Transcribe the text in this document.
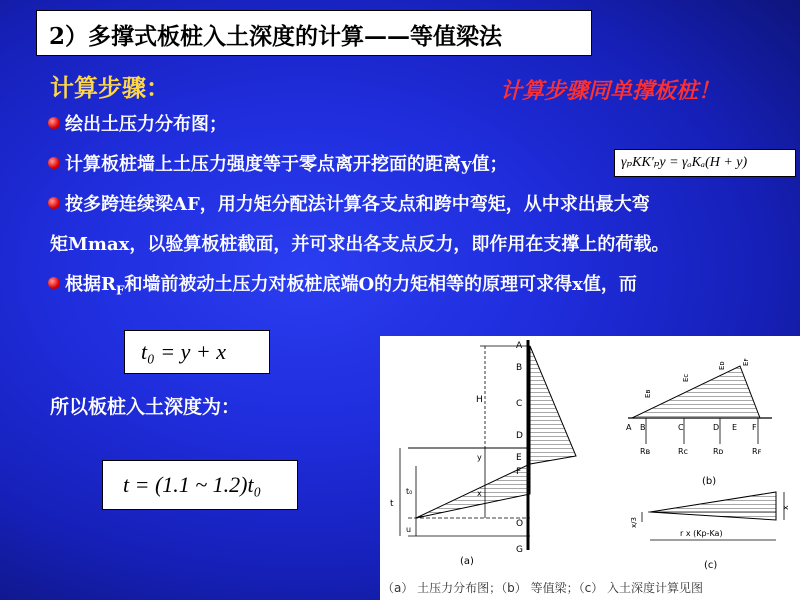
2）多撑式板桩入土深度的计算——等值梁法
计算步骤：	计算步骤同单撑板桩！
绘出土压力分布图；
计算板桩墙上土压力强度等于零点离开挖面的距离y值；	γₚKK'ₚy = γₐKₐ(H + y)
按多跨连续梁AF，用力矩分配法计算各支点和跨中弯矩，从中求出最大弯
矩Mmax，以验算板桩截面，并可求出各支点反力，即作用在支撑上的荷载。
根据$R_F$和墙前被动土压力对板桩底端O的力矩相等的原理可求得x值，而
t₀ = y + x
所以板桩入土深度为：
t = (1.1 ~ 1.2)t₀
A
B
C
D
E
F
O
G
H
y
x
t
t₀
u
(a)
A B	C	D E F
Rʙ	Rᴄ	Rᴅ	Rꜰ
Eʙ
Eᴄ
Eᴅ Eꜰ
(b)
x/3
x
r x (Kp-Ka)
(c)
（a） 土压力分布图；（b） 等值梁；（c） 入土深度计算见图
